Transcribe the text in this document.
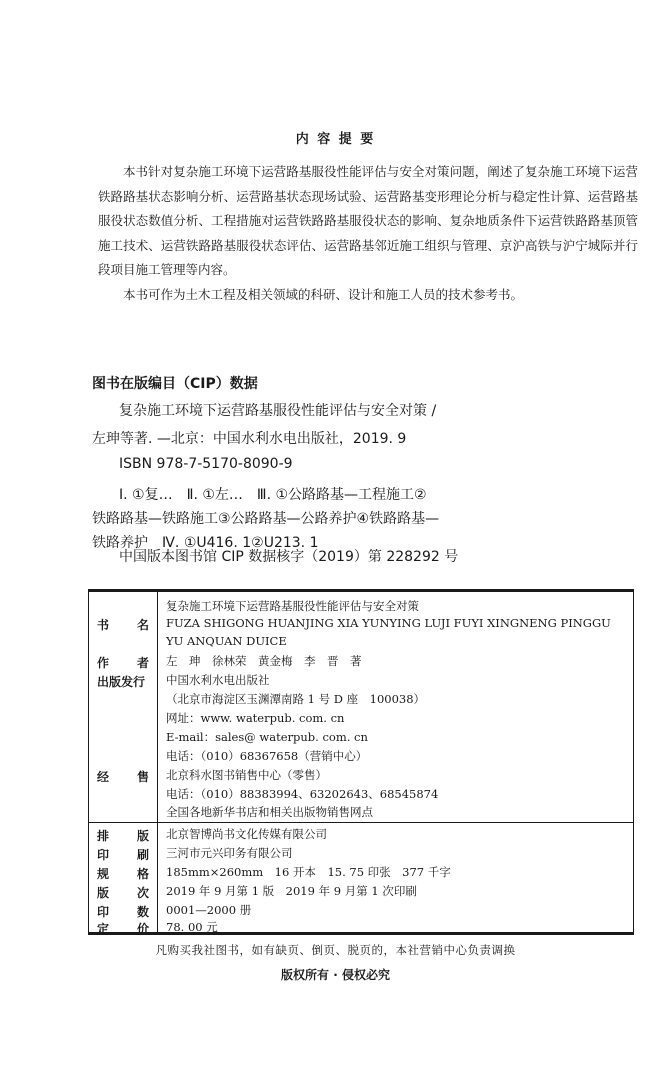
内 容 提 要

本书针对复杂施工环境下运营路基服役性能评估与安全对策问题，阐述了复杂施工环境下运营铁路路基状态影响分析、运营路基状态现场试验、运营路基变形理论分析与稳定性计算、运营路基服役状态数值分析、工程措施对运营铁路路基服役状态的影响、复杂地质条件下运营铁路路基顶管施工技术、运营铁路路基服役状态评估、运营路基邻近施工组织与管理、京沪高铁与沪宁城际并行段项目施工管理等内容。

本书可作为土木工程及相关领域的科研、设计和施工人员的技术参考书。

图书在版编目（CIP）数据
复杂施工环境下运营路基服役性能评估与安全对策 /
左珅等著. —北京：中国水利水电出版社，2019. 9
ISBN 978-7-5170-8090-9
Ⅰ. ①复…　Ⅱ. ①左…　Ⅲ. ①公路路基—工程施工②
铁路路基—铁路施工③公路路基—公路养护④铁路路基—
铁路养护　Ⅳ. ①U416. 1②U213. 1
中国版本图书馆 CIP 数据核字（2019）第 228292 号
书 名
复杂施工环境下运营路基服役性能评估与安全对策
FUZA SHIGONG HUANJING XIA YUNYING LUJI FUYI XINGNENG PINGGU
YU ANQUAN DUICE
作 者 左　珅　徐林荣　黄金梅　李　晋　著
出版发行	中国水利水电出版社
（北京市海淀区玉渊潭南路 1 号 D 座　100038）
网址：www. waterpub. com. cn
E-mail：sales@ waterpub. com. cn
电话：（010）68367658（营销中心）
经 售 北京科水图书销售中心（零售）
电话：（010）88383994、63202643、68545874
全国各地新华书店和相关出版物销售网点
排 版 北京智博尚书文化传媒有限公司
印 刷 三河市元兴印务有限公司
规 格 185mm×260mm　16 开本　15. 75 印张　377 千字
版 次 2019 年 9 月第 1 版　2019 年 9 月第 1 次印刷
印 数 0001—2000 册
定 价 78. 00 元
凡购买我社图书，如有缺页、倒页、脱页的，本社营销中心负责调换
版权所有 · 侵权必究
